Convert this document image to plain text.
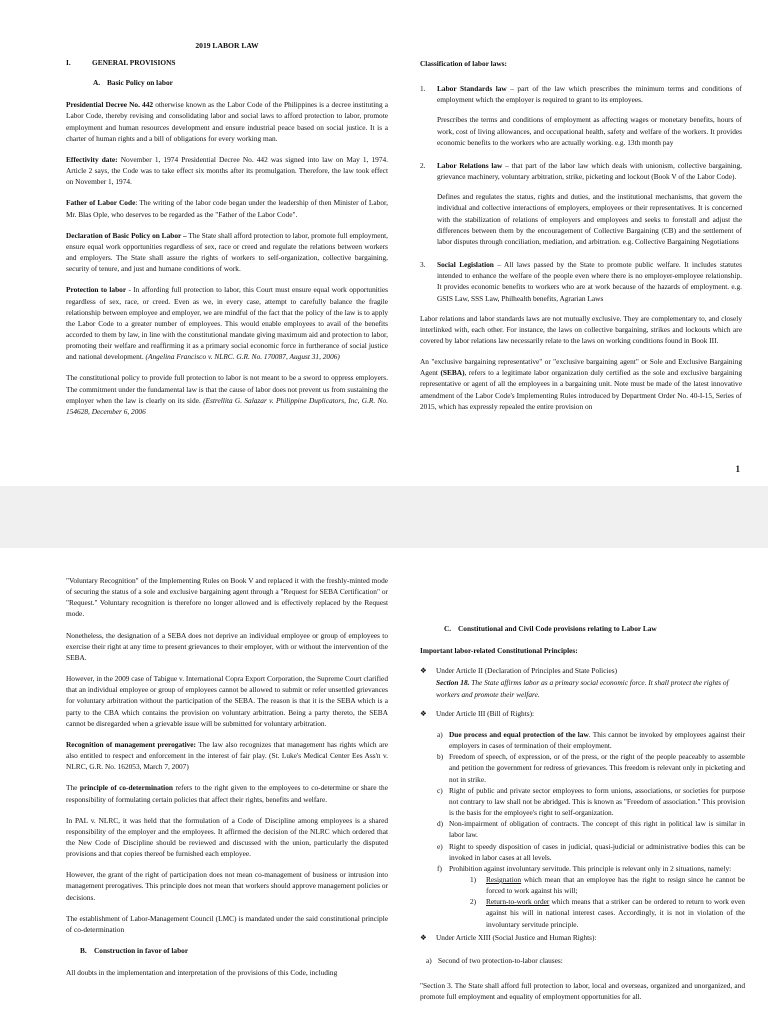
2019 LABOR LAW
I.	GENERAL PROVISIONS
A. Basic Policy on labor

Presidential Decree No. 442 otherwise known as the Labor Code of the Philippines is a decree instituting a Labor Code, thereby revising and consolidating labor and social laws to afford protection to labor, promote employment and human resources development and ensure industrial peace based on social justice. It is a charter of human rights and a bill of obligations for every working man.

Effectivity date: November 1, 1974 Presidential Decree No. 442 was signed into law on May 1, 1974. Article 2 says, the Code was to take effect six months after its promulgation. Therefore, the law took effect on November 1, 1974.

Father of Labor Code: The writing of the labor code began under the leadership of then Minister of Labor, Mr. Blas Ople, who deserves to be regarded as the "Father of the Labor Code".

Declaration of Basic Policy on Labor – The State shall afford protection to labor, promote full employment, ensure equal work opportunities regardless of sex, race or creed and regulate the relations between workers and employers. The State shall assure the rights of workers to self-organization, collective bargaining, security of tenure, and just and humane conditions of work.

Protection to labor - In affording full protection to labor, this Court must ensure equal work opportunities regardless of sex, race, or creed. Even as we, in every case, attempt to carefully balance the fragile relationship between employee and employer, we are mindful of the fact that the policy of the law is to apply the Labor Code to a greater number of employees. This would enable employees to avail of the benefits accorded to them by law, in line with the constitutional mandate giving maximum aid and protection to labor, promoting their welfare and reaffirming it as a primary social economic force in furtherance of social justice and national development. (Angelina Francisco v. NLRC. G.R. No. 170087, August 31, 2006)

The constitutional policy to provide full protection to labor is not meant to be a sword to oppress employers. The commitment under the fundamental law is that the cause of labor does not prevent us from sustaining the employer when the law is clearly on its side. (Estrellita G. Salazar v. Philippine Duplicators, Inc, G.R. No. 154628, December 6, 2006

Classification of labor laws:
1.	Labor Standards law – part of the law which prescribes the minimum terms and conditions of employment which the employer is required to grant to its employees.

Prescribes the terms and conditions of employment as affecting wages or monetary benefits, hours of work, cost of living allowances, and occupational health, safety and welfare of the workers. It provides economic benefits to the workers who are actually working. e.g. 13th month pay

2.	Labor Relations law – that part of the labor law which deals with unionism, collective bargaining, grievance machinery, voluntary arbitration, strike, picketing and lockout (Book V of the Labor Code).

Defines and regulates the status, rights and duties, and the institutional mechanisms, that govern the individual and collective interactions of employers, employees or their representatives. It is concerned with the stabilization of relations of employers and employees and seeks to forestall and adjust the differences between them by the encouragement of Collective Bargaining (CB) and the settlement of labor disputes through conciliation, mediation, and arbitration. e.g. Collective Bargaining Negotiations

3.	Social Legislation – All laws passed by the State to promote public welfare. It includes statutes intended to enhance the welfare of the people even where there is no employer-employee relationship. It provides economic benefits to workers who are at work because of the hazards of employment. e.g. GSIS Law, SSS Law, Philhealth benefits, Agrarian Laws

Labor relations and labor standards laws are not mutually exclusive. They are complementary to, and closely interlinked with, each other. For instance, the laws on collective bargaining, strikes and lockouts which are covered by labor relations law necessarily relate to the laws on working conditions found in Book III.

An "exclusive bargaining representative" or "exclusive bargaining agent" or Sole and Exclusive Bargaining Agent (SEBA), refers to a legitimate labor organization duly certified as the sole and exclusive bargaining representative or agent of all the employees in a bargaining unit. Note must be made of the latest innovative amendment of the Labor Code's Implementing Rules introduced by Department Order No. 40-I-15, Series of 2015, which has expressly repealed the entire provision on

1

"Voluntary Recognition" of the Implementing Rules on Book V and replaced it with the freshly-minted mode of securing the status of a sole and exclusive bargaining agent through a "Request for SEBA Certification" or "Request." Voluntary recognition is therefore no longer allowed and is effectively replaced by the Request mode.

Nonetheless, the designation of a SEBA does not deprive an individual employee or group of employees to exercise their right at any time to present grievances to their employer, with or without the intervention of the SEBA.

However, in the 2009 case of Tabigue v. International Copra Export Corporation, the Supreme Court clarified that an individual employee or group of employees cannot be allowed to submit or refer unsettled grievances for voluntary arbitration without the participation of the SEBA. The reason is that it is the SEBA which is a party to the CBA which contains the provision on voluntary arbitration. Being a party thereto, the SEBA cannot be disregarded when a grievable issue will be submitted for voluntary arbitration.

Recognition of management prerogative: The law also recognizes that management has rights which are also entitled to respect and enforcement in the interest of fair play. (St. Luke's Medical Center Ees Ass'n v. NLRC, G.R. No. 162053, March 7, 2007)

The principle of co-determination refers to the right given to the employees to co-determine or share the responsibility of formulating certain policies that affect their rights, benefits and welfare.

In PAL v. NLRC, it was held that the formulation of a Code of Discipline among employees is a shared responsibility of the employer and the employees. It affirmed the decision of the NLRC which ordered that the New Code of Discipline should be reviewed and discussed with the union, particularly the disputed provisions and that copies thereof be furnished each employee.

However, the grant of the right of participation does not mean co-management of business or intrusion into management prerogatives. This principle does not mean that workers should approve management policies or decisions.

The establishment of Labor-Management Council (LMC) is mandated under the said constitutional principle of co-determination

B. Construction in favor of labor

All doubts in the implementation and interpretation of the provisions of this Code, including

C. Constitutional and Civil Code provisions relating to Labor Law
Important labor-related Constitutional Principles:
❖	Under Article II (Declaration of Principles and State Policies)
Section 18. The State affirms labor as a primary social economic force. It shall protect the rights of workers and promote their welfare.
❖	Under Article III (Bill of Rights):
a) Due process and equal protection of the law. This cannot be invoked by employees against their employers in cases of termination of their employment.
b) Freedom of speech, of expression, or of the press, or the right of the people peaceably to assemble and petition the government for redress of grievances. This freedom is relevant only in picketing and not in strike.
c) Right of public and private sector employees to form unions, associations, or societies for purpose not contrary to law shall not be abridged. This is known as "Freedom of association." This provision is the basis for the employee's right to self-organization.
d) Non-impairment of obligation of contracts. The concept of this right in political law is similar in labor law.
e) Right to speedy disposition of cases in judicial, quasi-judicial or administrative bodies this can be invoked in labor cases at all levels.
f) Prohibition against involuntary servitude. This principle is relevant only in 2 situations, namely:
1)	Resignation which mean that an employee has the right to resign since he cannot be forced to work against his will;
2)	Return-to-work order which means that a striker can be ordered to return to work even against his will in national interest cases. Accordingly, it is not in violation of the involuntary servitude principle.
❖	Under Article XIII (Social Justice and Human Rights):
a) Second of two protection-to-labor clauses:

"Section 3. The State shall afford full protection to labor, local and overseas, organized and unorganized, and promote full employment and equality of employment opportunities for all.
